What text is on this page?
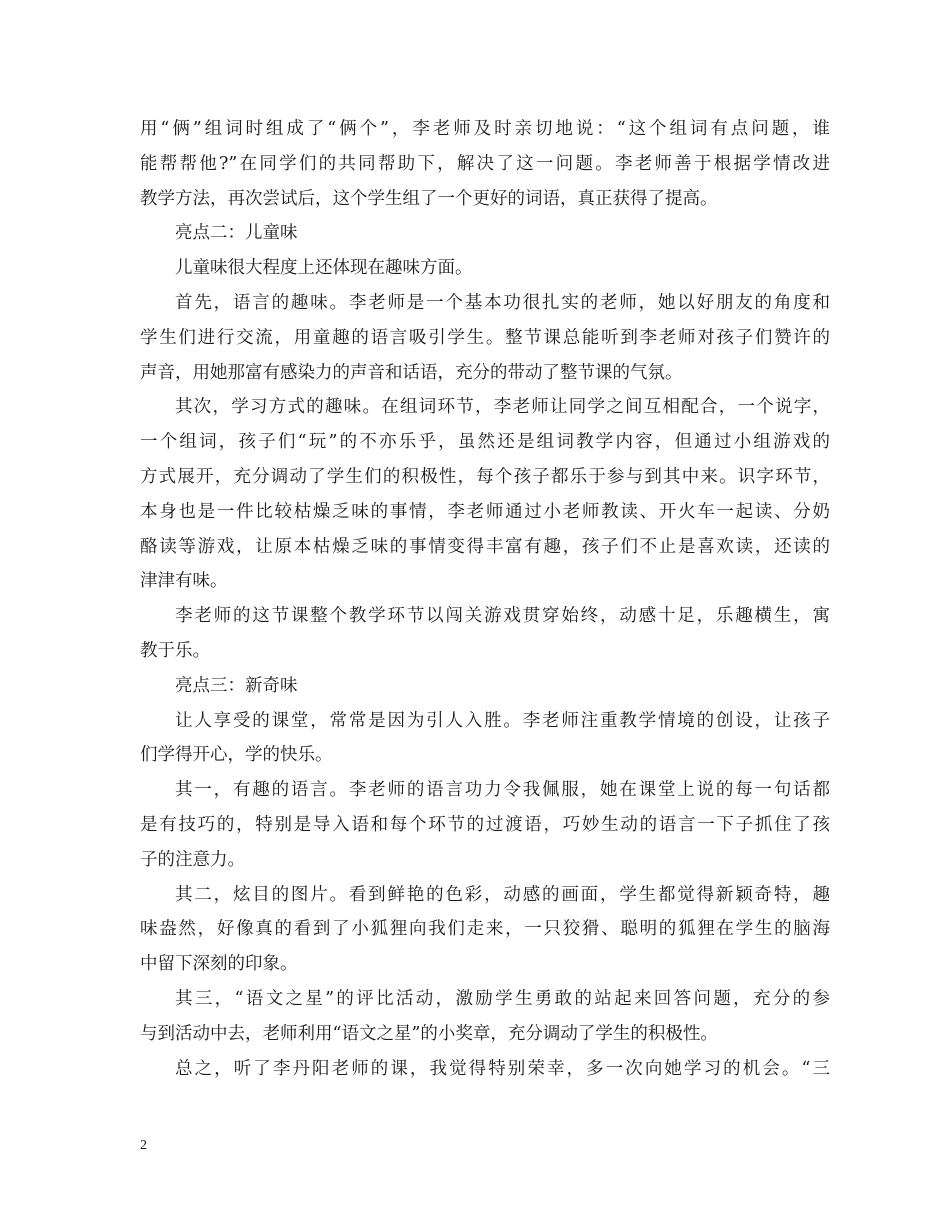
用“俩”组词时组成了“俩个”，李老师及时亲切地说：“这个组词有点问题，谁
能帮帮他?”在同学们的共同帮助下，解决了这一问题。李老师善于根据学情改进
教学方法，再次尝试后，这个学生组了一个更好的词语，真正获得了提高。
亮点二：儿童味
儿童味很大程度上还体现在趣味方面。
首先，语言的趣味。李老师是一个基本功很扎实的老师，她以好朋友的角度和
学生们进行交流，用童趣的语言吸引学生。整节课总能听到李老师对孩子们赞许的
声音，用她那富有感染力的声音和话语，充分的带动了整节课的气氛。
其次，学习方式的趣味。在组词环节，李老师让同学之间互相配合，一个说字，
一个组词，孩子们“玩”的不亦乐乎，虽然还是组词教学内容，但通过小组游戏的
方式展开，充分调动了学生们的积极性，每个孩子都乐于参与到其中来。识字环节，
本身也是一件比较枯燥乏味的事情，李老师通过小老师教读、开火车一起读、分奶
酪读等游戏，让原本枯燥乏味的事情变得丰富有趣，孩子们不止是喜欢读，还读的
津津有味。
李老师的这节课整个教学环节以闯关游戏贯穿始终，动感十足，乐趣横生，寓
教于乐。
亮点三：新奇味
让人享受的课堂，常常是因为引人入胜。李老师注重教学情境的创设，让孩子
们学得开心，学的快乐。
其一，有趣的语言。李老师的语言功力令我佩服，她在课堂上说的每一句话都
是有技巧的，特别是导入语和每个环节的过渡语，巧妙生动的语言一下子抓住了孩
子的注意力。
其二，炫目的图片。看到鲜艳的色彩，动感的画面，学生都觉得新颖奇特，趣
味盎然，好像真的看到了小狐狸向我们走来，一只狡猾、聪明的狐狸在学生的脑海
中留下深刻的印象。
其三，“语文之星”的评比活动，激励学生勇敢的站起来回答问题，充分的参
与到活动中去，老师利用“语文之星”的小奖章，充分调动了学生的积极性。
总之，听了李丹阳老师的课，我觉得特别荣幸，多一次向她学习的机会。“三
2
